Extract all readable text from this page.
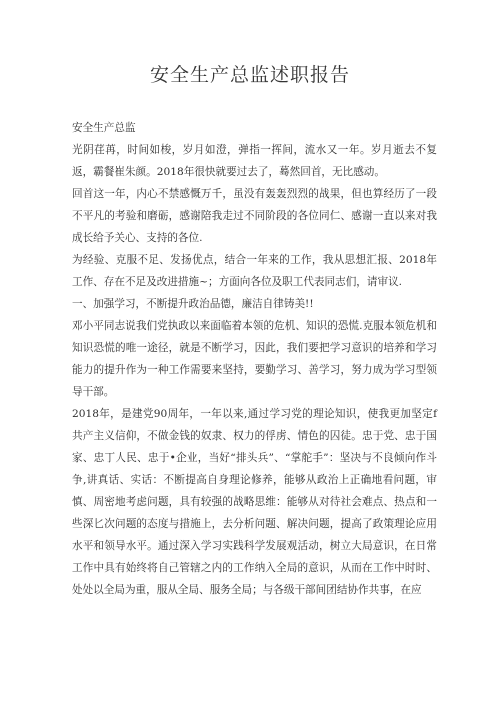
安全生产总监述职报告

安全生产总监

光阴荏苒，时间如梭，岁月如澄，弹指一挥间，流水又一年。岁月逝去不复返，霸餐崔朱颜。2018年很快就要过去了，蓦然回首，无比感动。

回首这一年，内心不禁感慨万千，虽没有轰轰烈烈的战果，但也算经历了一段不平凡的考验和磨砺，感谢陪我走过不同阶段的各位同仁、感谢一直以来对我成长给予关心、支持的各位.

为经验、克服不足、发扬优点，结合一年来的工作，我从思想汇报、2018年工作、存在不足及改进措施~；方面向各位及职工代表同志们，请审议.

一、加强学习，不断提升政治品德，廉洁自律铸美!!

邓小平同志说我们党执政以来面临着本领的危机、知识的恐慌.克服本领危机和知识恐慌的唯一途径，就是不断学习，因此，我们要把学习意识的培养和学习能力的提升作为一种工作需要来坚持，要勤学习、善学习，努力成为学习型领导干部。

2018年，是建党90周年，一年以来,通过学习党的理论知识，使我更加坚定f共产主义信仰，不做金钱的奴隶、权力的俘虏、情色的囚徒。忠于党、忠于国家、忠丁人民、忠于•企业，当好“排头兵”、“掌舵手”：坚决与不良倾向作斗争,讲真话、实话：不断提高自身理论修养，能够从政治上正确地看问题，审慎、周密地考虑问题，具有较强的战略思维：能够从对待社会难点、热点和一些深匕次问题的态度与措施上，去分析问题、解决问题，提高了政策理论应用水平和领导水平。通过深入学习实践科学发展观活动，树立大局意识，在日常工作中具有始终将自己管辖之内的工作纳入全局的意识，从而在工作中时时、处处以全局为重，服从全局、服务全局；与各级干部间团结协作共事，在应
